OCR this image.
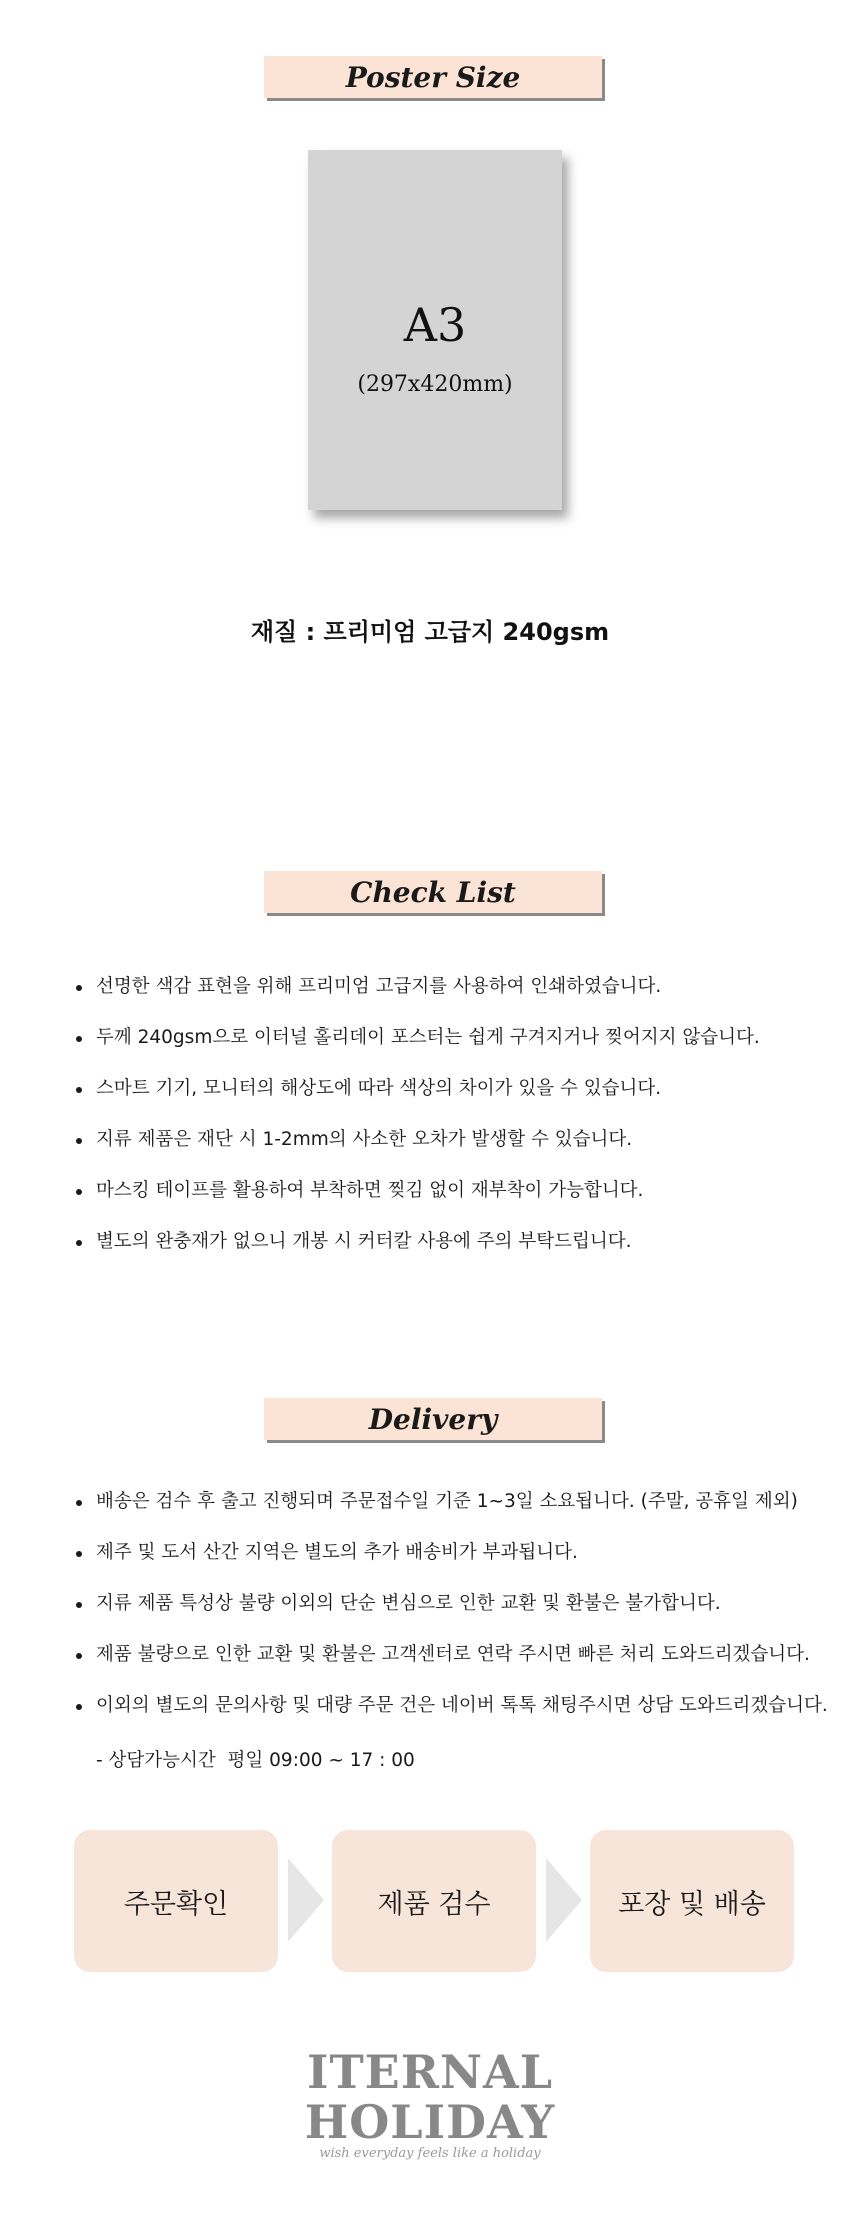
Poster Size
A3
(297x420mm)
재질 : 프리미엄 고급지 240gsm
Check List
선명한 색감 표현을 위해 프리미엄 고급지를 사용하여 인쇄하였습니다.
두께 240gsm으로 이터널 홀리데이 포스터는 쉽게 구겨지거나 찢어지지 않습니다.
스마트 기기, 모니터의 해상도에 따라 색상의 차이가 있을 수 있습니다.
지류 제품은 재단 시 1-2mm의 사소한 오차가 발생할 수 있습니다.
마스킹 테이프를 활용하여 부착하면 찢김 없이 재부착이 가능합니다.
별도의 완충재가 없으니 개봉 시 커터칼 사용에 주의 부탁드립니다.
Delivery
배송은 검수 후 출고 진행되며 주문접수일 기준 1~3일 소요됩니다. (주말, 공휴일 제외)
제주 및 도서 산간 지역은 별도의 추가 배송비가 부과됩니다.
지류 제품 특성상 불량 이외의 단순 변심으로 인한 교환 및 환불은 불가합니다.
제품 불량으로 인한 교환 및 환불은 고객센터로 연락 주시면 빠른 처리 도와드리겠습니다.
이외의 별도의 문의사항 및 대량 주문 건은 네이버 톡톡 채팅주시면 상담 도와드리겠습니다.
- 상담가능시간  평일 09:00 ~ 17 : 00
주문확인	제품 검수	포장 및 배송
ITERNAL
HOLIDAY
wish everyday feels like a holiday
